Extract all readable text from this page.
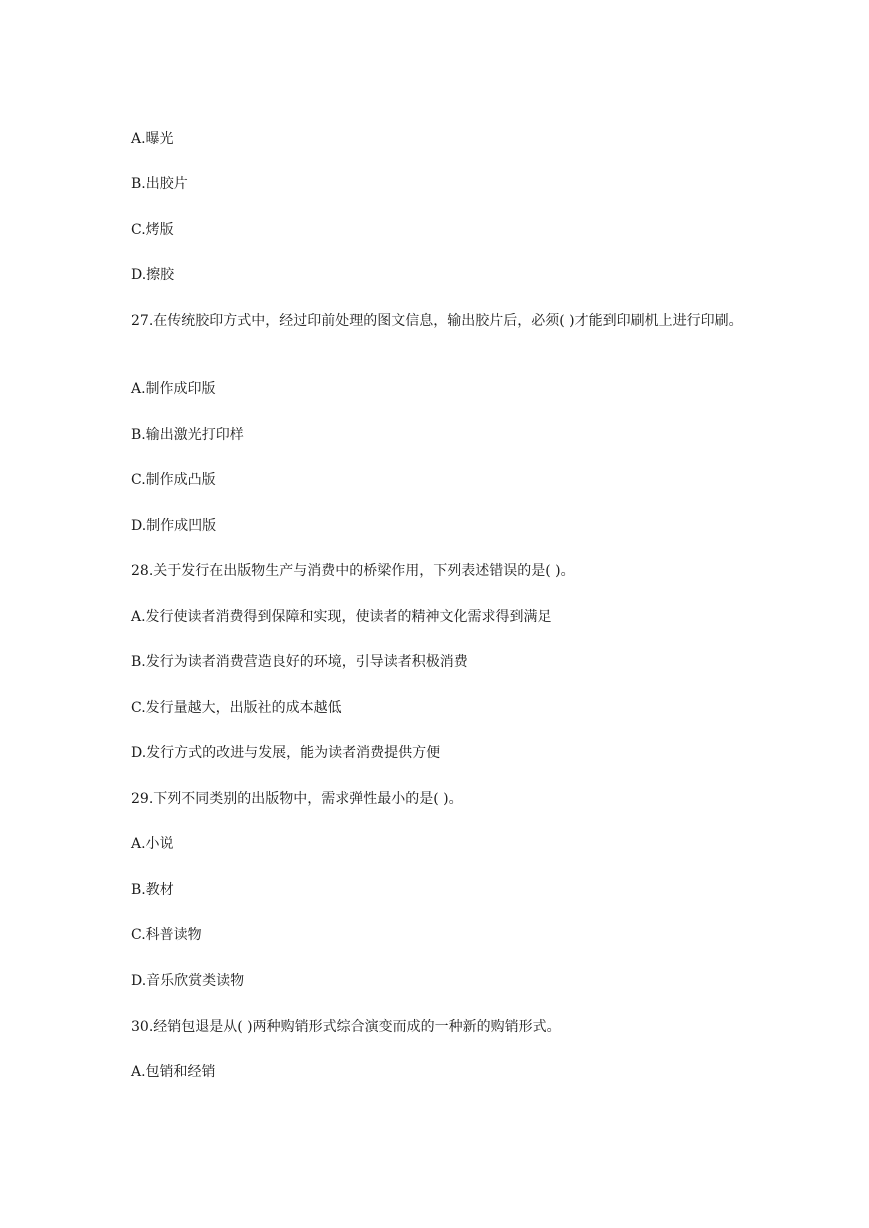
A.曝光
B.出胶片
C.烤版
D.擦胶
27.在传统胶印方式中，经过印前处理的图文信息，输出胶片后，必须( )才能到印刷机上进行印刷。
A.制作成印版
B.输出激光打印样
C.制作成凸版
D.制作成凹版
28.关于发行在出版物生产与消费中的桥梁作用，下列表述错误的是( )。
A.发行使读者消费得到保障和实现，使读者的精神文化需求得到满足
B.发行为读者消费营造良好的环境，引导读者积极消费
C.发行量越大，出版社的成本越低
D.发行方式的改进与发展，能为读者消费提供方便
29.下列不同类别的出版物中，需求弹性最小的是( )。
A.小说
B.教材
C.科普读物
D.音乐欣赏类读物
30.经销包退是从( )两种购销形式综合演变而成的一种新的购销形式。
A.包销和经销
